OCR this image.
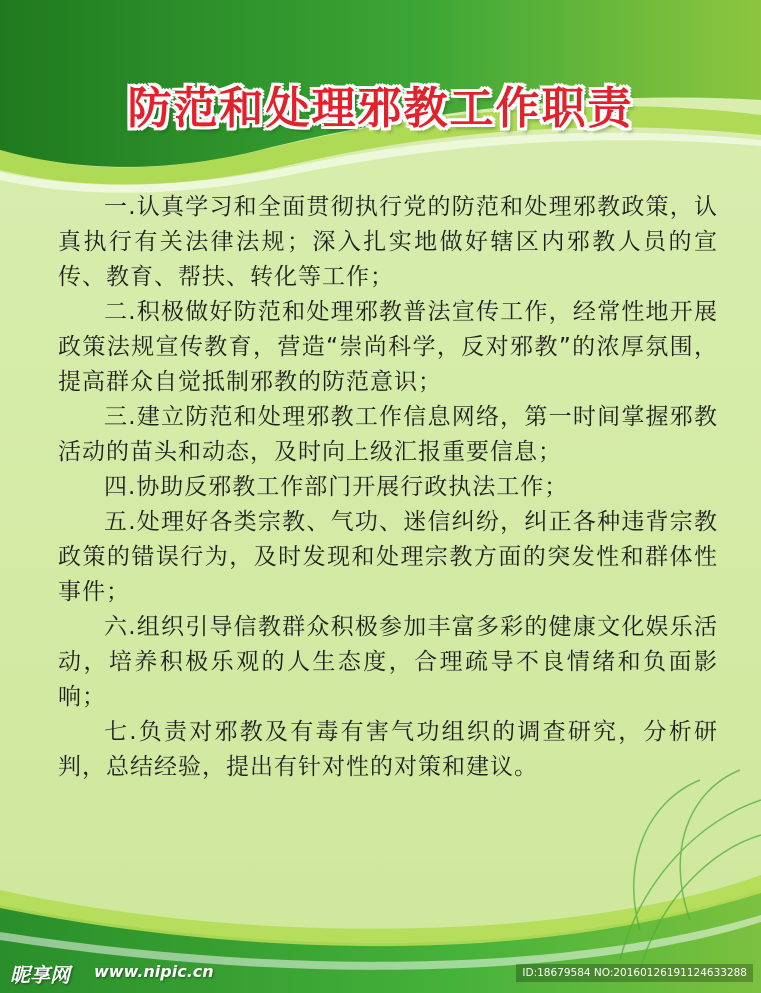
防范和处理邪教工作职责

一.认真学习和全面贯彻执行党的防范和处理邪教政策，认真执行有关法律法规；深入扎实地做好辖区内邪教人员的宣传、教育、帮扶、转化等工作；

二.积极做好防范和处理邪教普法宣传工作，经常性地开展政策法规宣传教育，营造“崇尚科学，反对邪教”的浓厚氛围，提高群众自觉抵制邪教的防范意识；

三.建立防范和处理邪教工作信息网络，第一时间掌握邪教活动的苗头和动态，及时向上级汇报重要信息；

四.协助反邪教工作部门开展行政执法工作；

五.处理好各类宗教、气功、迷信纠纷，纠正各种违背宗教政策的错误行为，及时发现和处理宗教方面的突发性和群体性事件；

六.组织引导信教群众积极参加丰富多彩的健康文化娱乐活动，培养积极乐观的人生态度，合理疏导不良情绪和负面影响；

七.负责对邪教及有毒有害气功组织的调查研究，分析研判，总结经验，提出有针对性的对策和建议。

昵享网 www.nipic.cn	ID:18679584 NO:20160126191124633288
